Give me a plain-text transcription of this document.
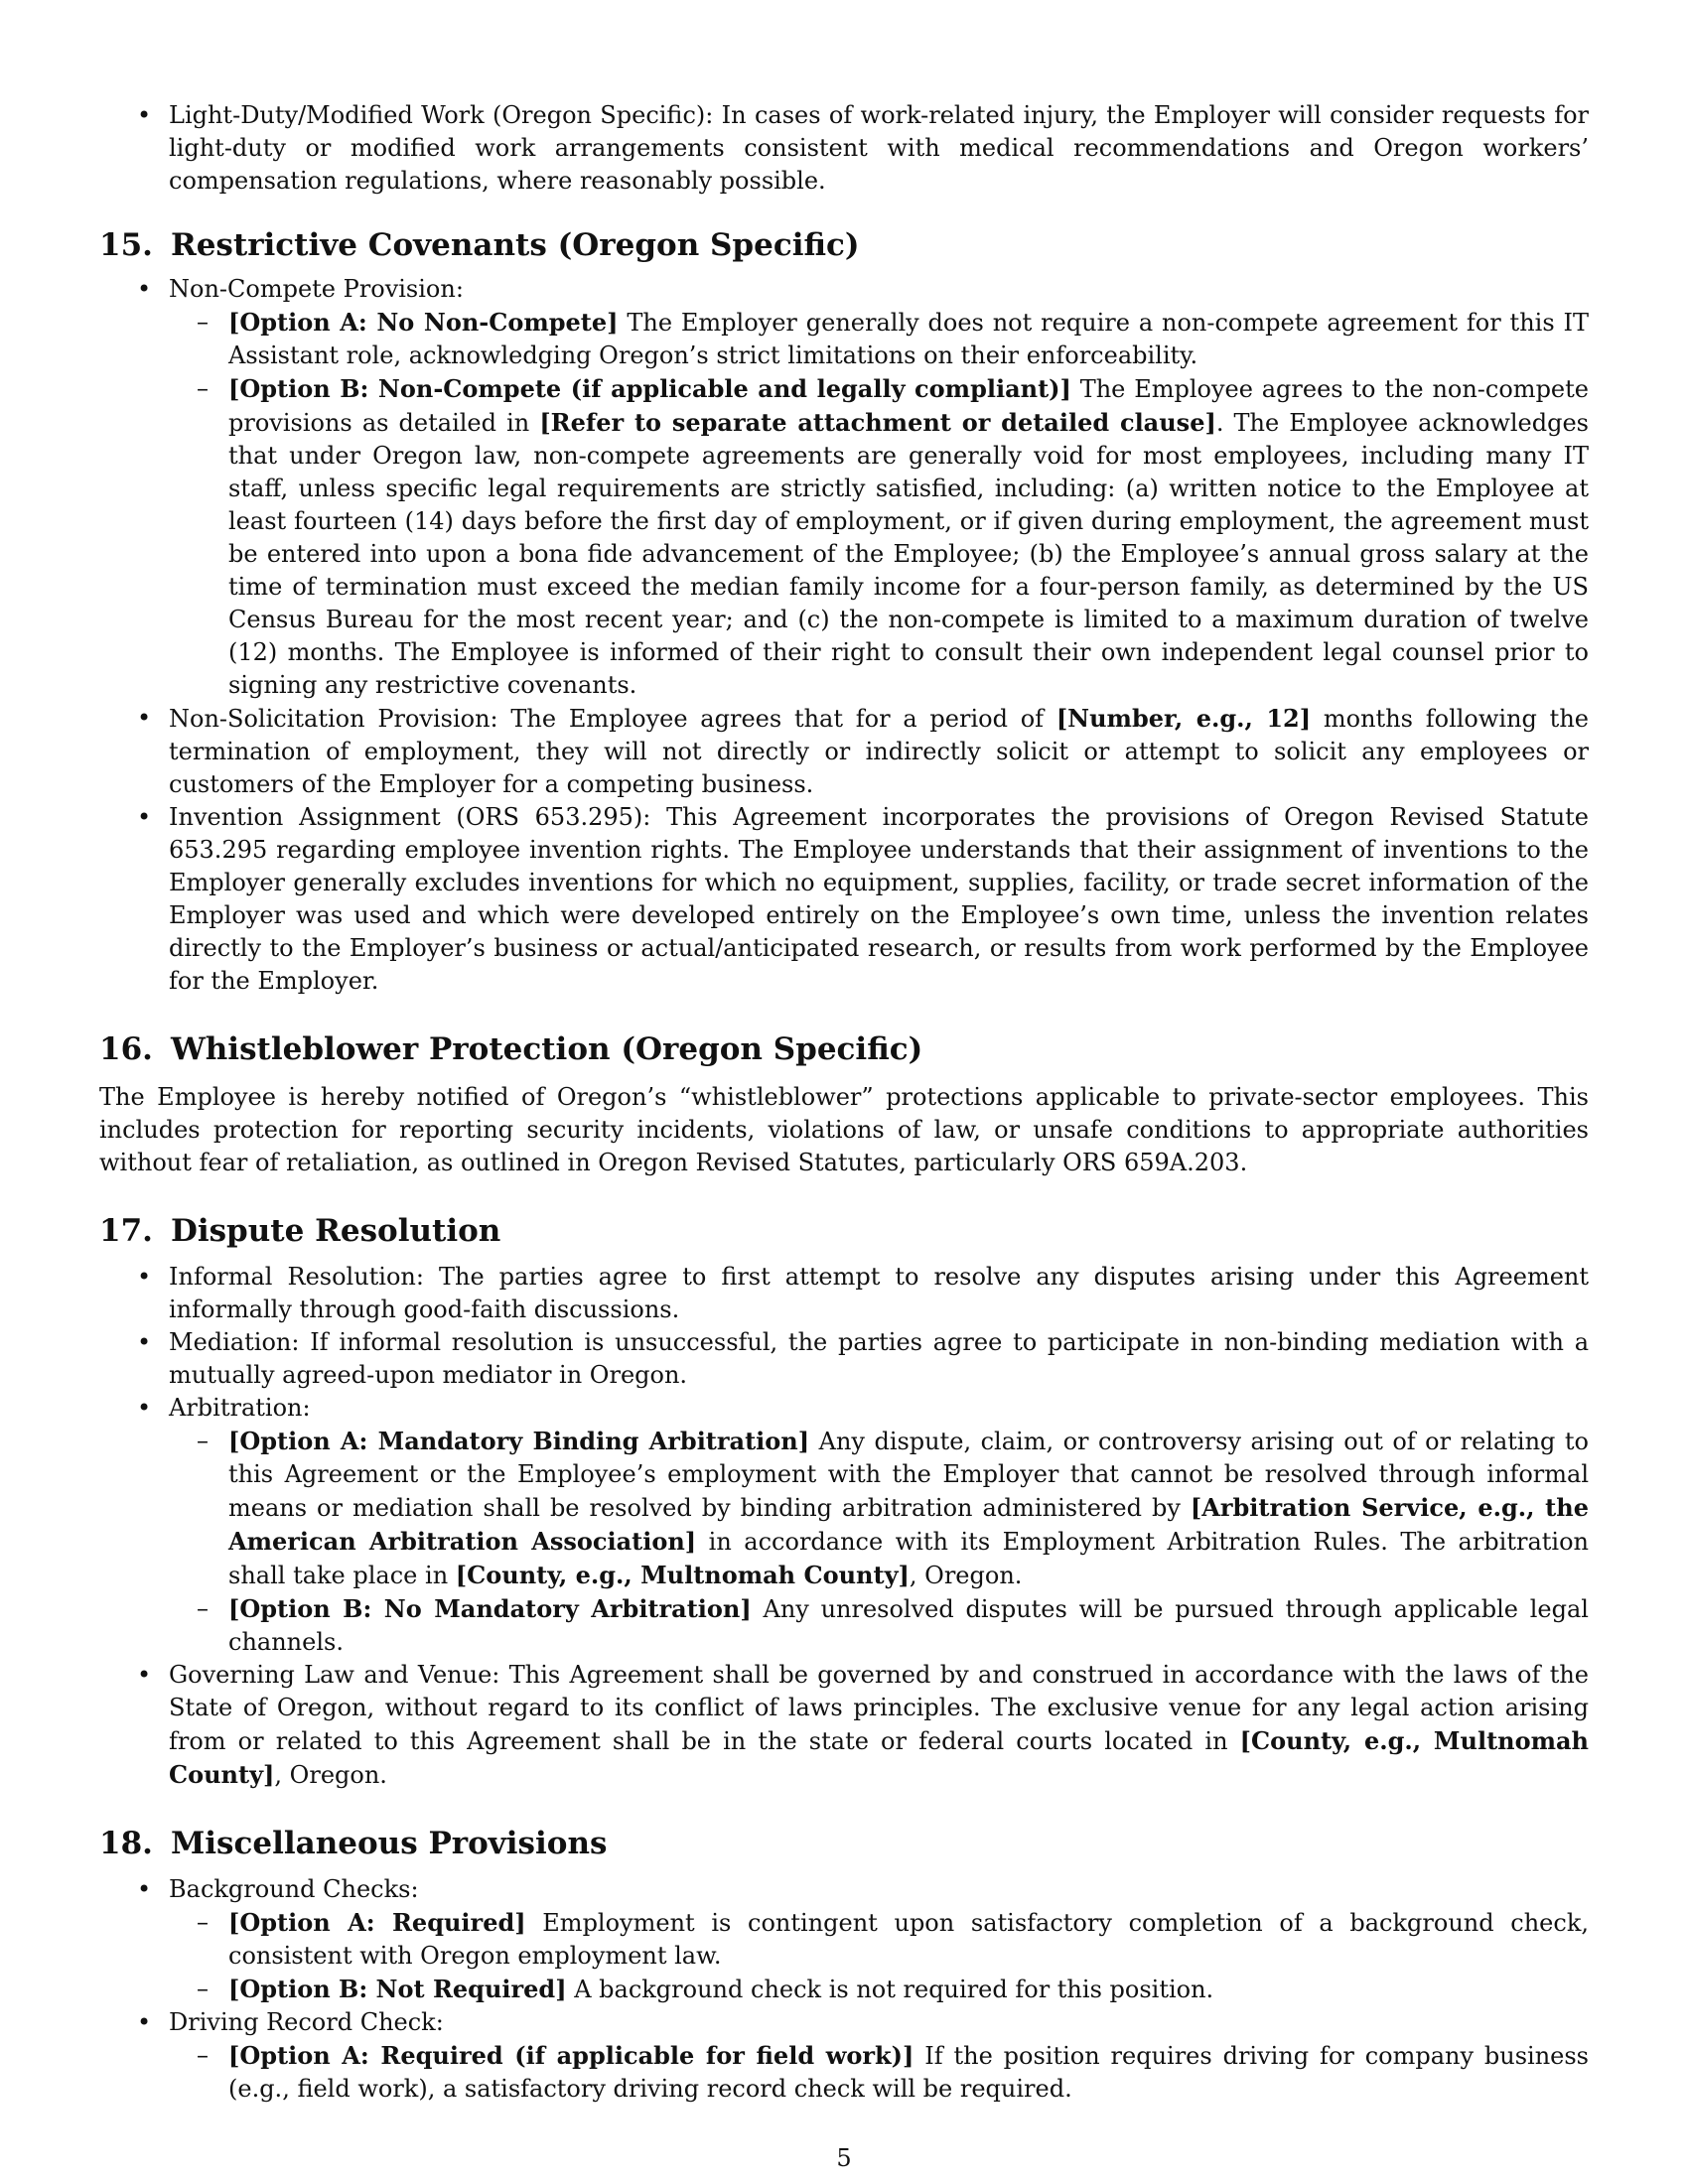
• Light-Duty/Modified Work (Oregon Specific): In cases of work-related injury, the Employer will consider requests for light-duty or modified work arrangements consistent with medical recommendations and Oregon workers’ compensation regulations, where reasonably possible.

15. Restrictive Covenants (Oregon Specific)

• Non-Compete Provision:

– [Option A: No Non-Compete] The Employer generally does not require a non-compete agreement for this IT Assistant role, acknowledging Oregon’s strict limitations on their enforceability.

– [Option B: Non-Compete (if applicable and legally compliant)] The Employee agrees to the non-compete provisions as detailed in [Refer to separate attachment or detailed clause]. The Employee acknowledges that under Oregon law, non-compete agreements are generally void for most employees, including many IT staff, unless specific legal requirements are strictly satisfied, including: (a) written notice to the Employee at least fourteen (14) days before the first day of employment, or if given during employment, the agreement must be entered into upon a bona fide advancement of the Employee; (b) the Employee’s annual gross salary at the time of termination must exceed the median family income for a four-person family, as determined by the US Census Bureau for the most recent year; and (c) the non-compete is limited to a maximum duration of twelve (12) months. The Employee is informed of their right to consult their own independent legal counsel prior to signing any restrictive covenants.

• Non-Solicitation Provision: The Employee agrees that for a period of [Number, e.g., 12] months following the termination of employment, they will not directly or indirectly solicit or attempt to solicit any employees or customers of the Employer for a competing business.

• Invention Assignment (ORS 653.295): This Agreement incorporates the provisions of Oregon Revised Statute 653.295 regarding employee invention rights. The Employee understands that their assignment of inventions to the Employer generally excludes inventions for which no equipment, supplies, facility, or trade secret information of the Employer was used and which were developed entirely on the Employee’s own time, unless the invention relates directly to the Employer’s business or actual/anticipated research, or results from work performed by the Employee for the Employer.

16. Whistleblower Protection (Oregon Specific)

The Employee is hereby notified of Oregon’s “whistleblower” protections applicable to private-sector employees. This includes protection for reporting security incidents, violations of law, or unsafe conditions to appropriate authorities without fear of retaliation, as outlined in Oregon Revised Statutes, particularly ORS 659A.203.

17. Dispute Resolution

• Informal Resolution: The parties agree to first attempt to resolve any disputes arising under this Agreement informally through good-faith discussions.

• Mediation: If informal resolution is unsuccessful, the parties agree to participate in non-binding mediation with a mutually agreed-upon mediator in Oregon.

• Arbitration:

– [Option A: Mandatory Binding Arbitration] Any dispute, claim, or controversy arising out of or relating to this Agreement or the Employee’s employment with the Employer that cannot be resolved through informal means or mediation shall be resolved by binding arbitration administered by [Arbitration Service, e.g., the American Arbitration Association] in accordance with its Employment Arbitration Rules. The arbitration shall take place in [County, e.g., Multnomah County], Oregon.

– [Option B: No Mandatory Arbitration] Any unresolved disputes will be pursued through applicable legal channels.

• Governing Law and Venue: This Agreement shall be governed by and construed in accordance with the laws of the State of Oregon, without regard to its conflict of laws principles. The exclusive venue for any legal action arising from or related to this Agreement shall be in the state or federal courts located in [County, e.g., Multnomah County], Oregon.

18. Miscellaneous Provisions

• Background Checks:

– [Option A: Required] Employment is contingent upon satisfactory completion of a background check, consistent with Oregon employment law.

– [Option B: Not Required] A background check is not required for this position.

• Driving Record Check:

– [Option A: Required (if applicable for field work)] If the position requires driving for company business (e.g., field work), a satisfactory driving record check will be required.

5
